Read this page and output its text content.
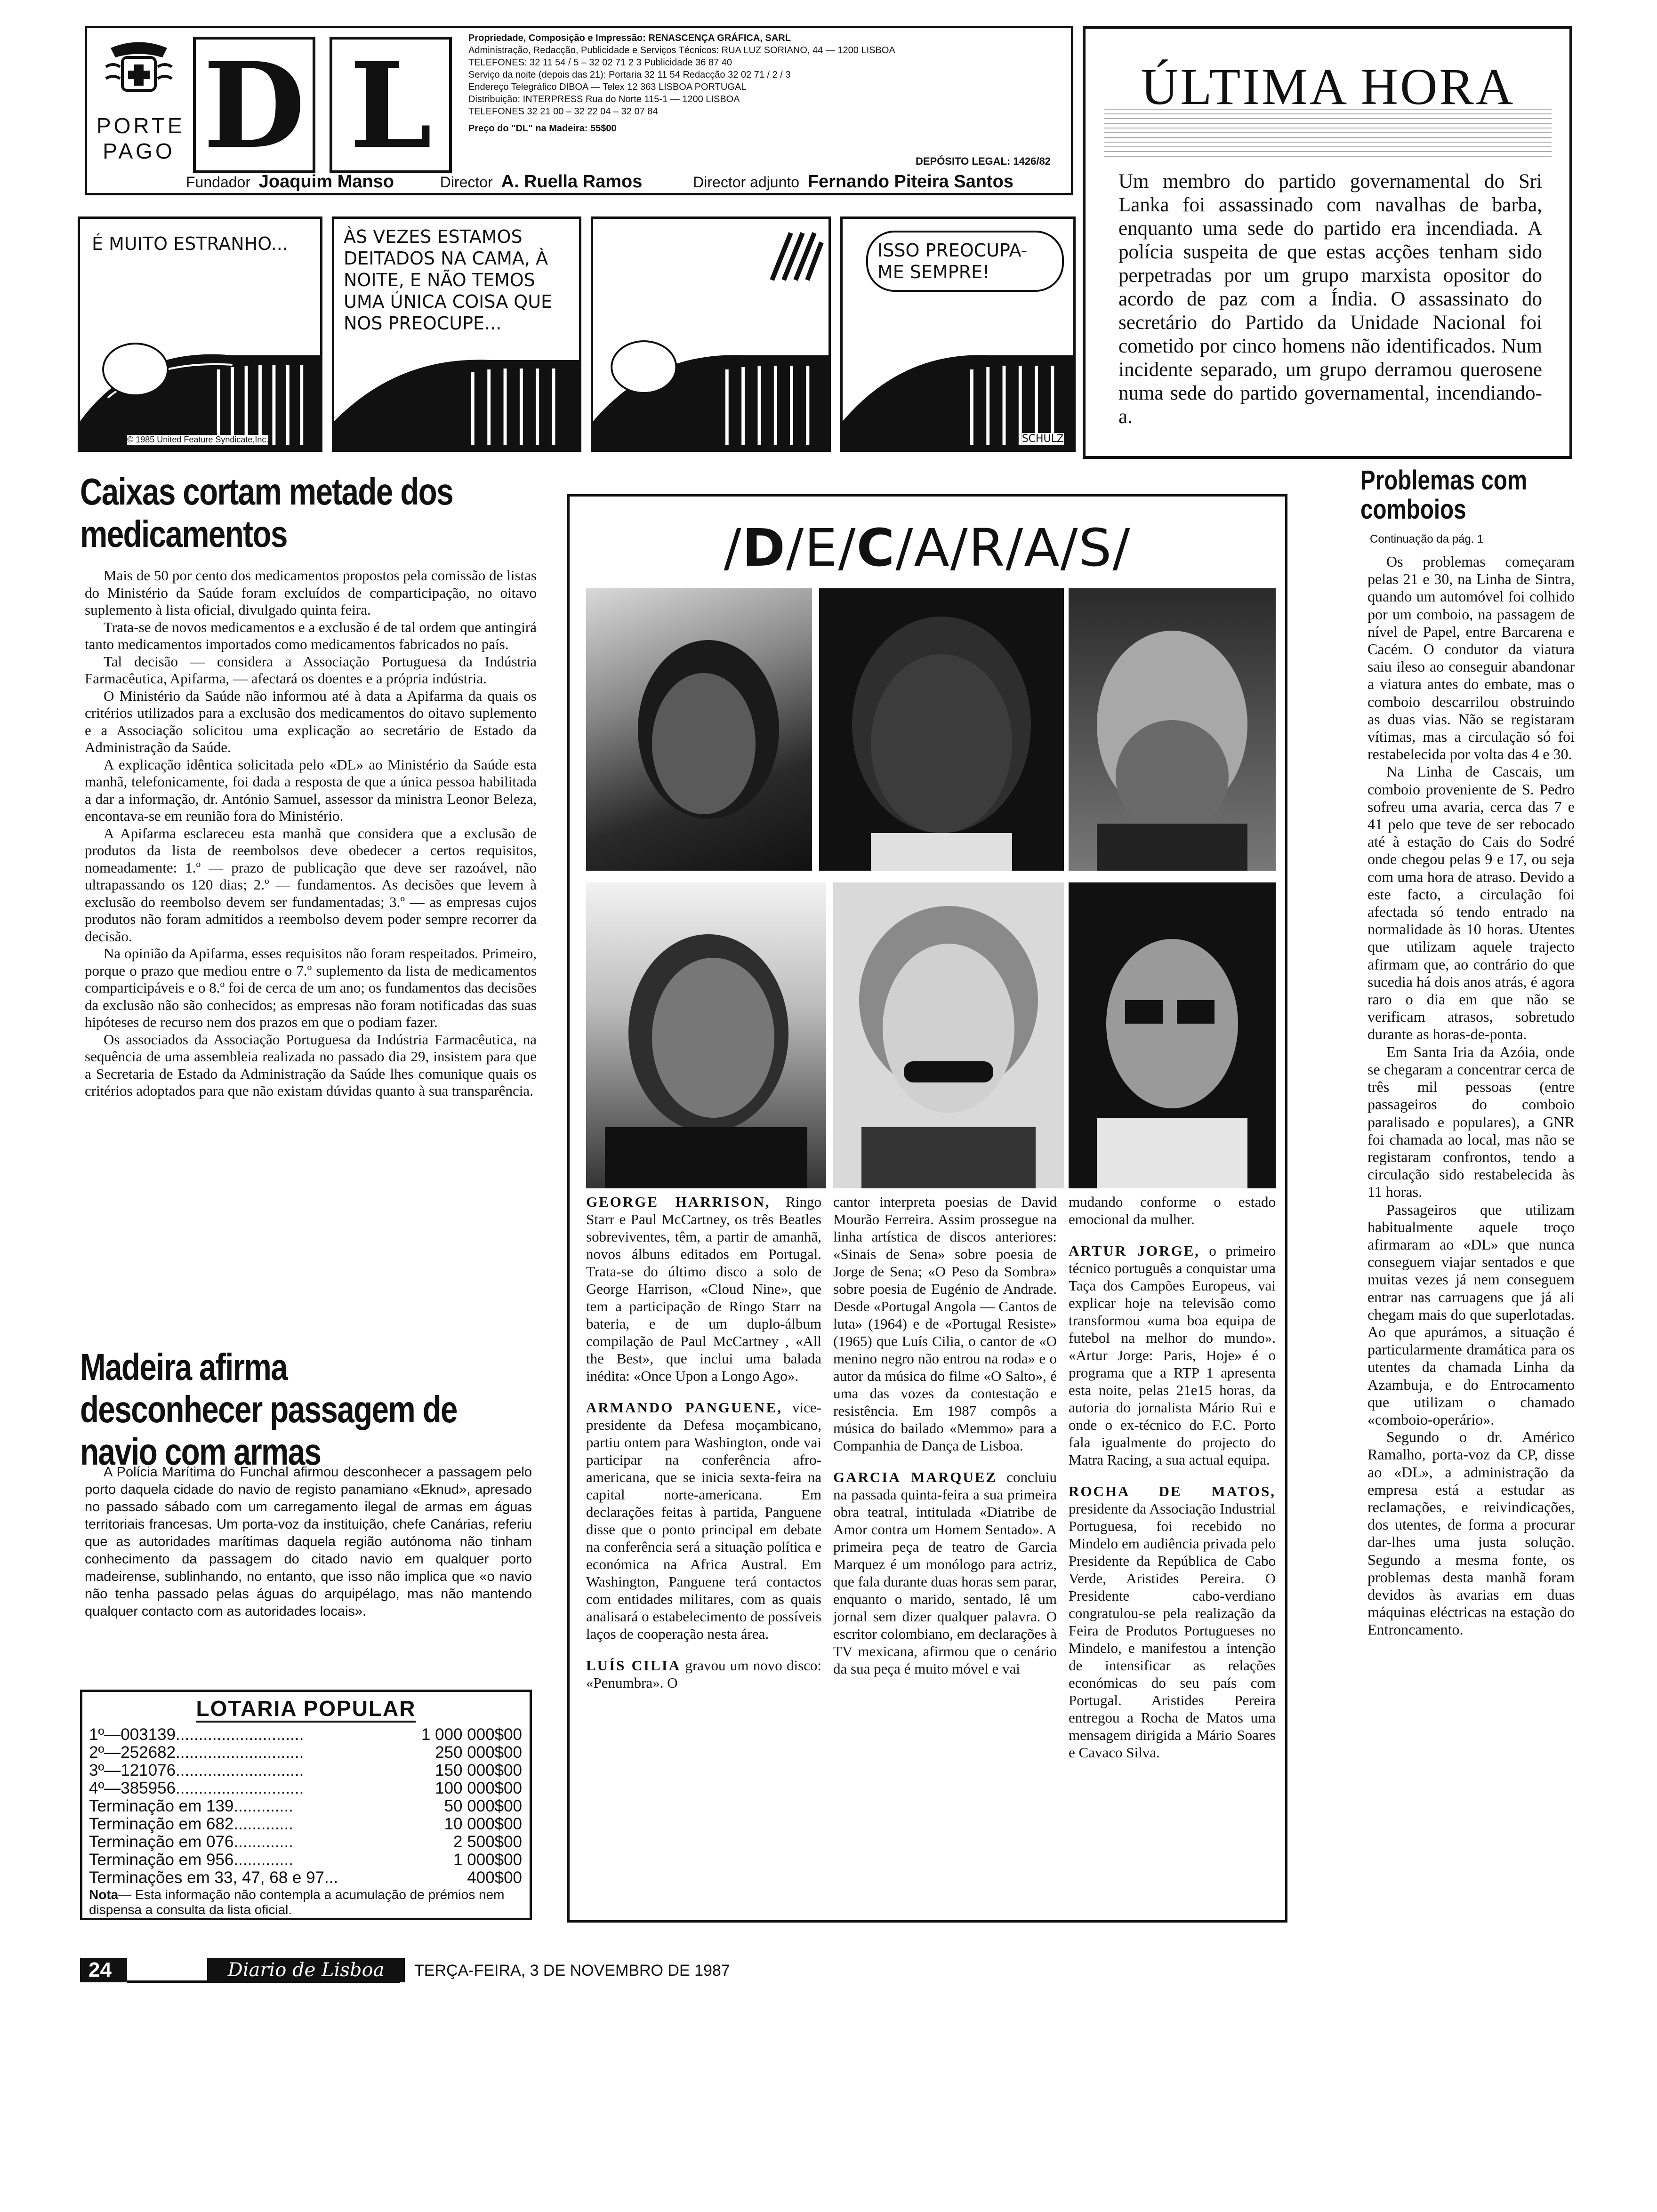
PORTE
PAGO D L	Propriedade, Composição e Impressão: RENASCENÇA GRÁFICA, SARL
Administração, Redacção, Publicidade e Serviços Técnicos: RUA LUZ SORIANO, 44 — 1200 LISBOA
TELEFONES: 32 11 54 / 5 – 32 02 71 2 3 Publicidade 36 87 40
Serviço da noite (depois das 21): Portaria 32 11 54 Redacção 32 02 71 / 2 / 3
Endereço Telegráfico DIBOA — Telex 12 363 LISBOA PORTUGAL
Distribuição: INTERPRESS Rua do Norte 115-1 — 1200 LISBOA
TELEFONES 32 21 00 – 32 22 04 – 32 07 84
Preço do "DL" na Madeira: 55$00
DEPÓSITO LEGAL: 1426/82
Fundador Joaquim Manso	Director A. Ruella Ramos	Director adjunto Fernando Piteira Santos
ÚLTIMA HORA

Um membro do partido governamental do Sri Lanka foi assassinado com navalhas de barba, enquanto uma sede do partido era incendiada. A polícia suspeita de que estas acções tenham sido perpetradas por um grupo marxista opositor do acordo de paz com a Índia. O assassinato do secretário do Partido da Unidade Nacional foi cometido por cinco homens não identificados. Num incidente separado, um grupo derramou querosene numa sede do partido governamental, incendiando-a.

É MUITO ESTRANHO...
7-6	© 1985 United Feature Syndicate,Inc.
ÀS VEZES ESTAMOS DEITADOS NA CAMA, À NOITE, E NÃO TEMOS UMA ÚNICA COISA QUE NOS PREOCUPE...
ISSO PREOCUPA-ME SEMPRE!
SCHULZ
Caixas cortam metade dos medicamentos

Mais de 50 por cento dos medicamentos propostos pela comissão de listas do Ministério da Saúde foram excluídos de comparticipação, no oitavo suplemento à lista oficial, divulgado quinta feira.

Trata-se de novos medicamentos e a exclusão é de tal ordem que antingirá tanto medicamentos importados como medicamentos fabricados no país.

Tal decisão — considera a Associação Portuguesa da Indústria Farmacêutica, Apifarma, — afectará os doentes e a própria indústria.

O Ministério da Saúde não informou até à data a Apifarma da quais os critérios utilizados para a exclusão dos medicamentos do oitavo suplemento e a Associação solicitou uma explicação ao secretário de Estado da Administração da Saúde.

A explicação idêntica solicitada pelo «DL» ao Ministério da Saúde esta manhã, telefonicamente, foi dada a resposta de que a única pessoa habilitada a dar a informação, dr. António Samuel, assessor da ministra Leonor Beleza, encontava-se em reunião fora do Ministério.

A Apifarma esclareceu esta manhã que considera que a exclusão de produtos da lista de reembolsos deve obedecer a certos requisitos, nomeadamente: 1.º — prazo de publicação que deve ser razoável, não ultrapassando os 120 dias; 2.º — fundamentos. As decisões que levem à exclusão do reembolso devem ser fundamentadas; 3.º — as empresas cujos produtos não foram admitidos a reembolso devem poder sempre recorrer da decisão.

Na opinião da Apifarma, esses requisitos não foram respeitados. Primeiro, porque o prazo que mediou entre o 7.º suplemento da lista de medicamentos comparticipáveis e o 8.º foi de cerca de um ano; os fundamentos das decisões da exclusão não são conhecidos; as empresas não foram notificadas das suas hipóteses de recurso nem dos prazos em que o podiam fazer.

Os associados da Associação Portuguesa da Indústria Farmacêutica, na sequência de uma assembleia realizada no passado dia 29, insistem para que a Secretaria de Estado da Administração da Saúde lhes comunique quais os critérios adoptados para que não existam dúvidas quanto à sua transparência.

Madeira afirma desconhecer passagem de navio com armas

A Polícia Marítima do Funchal afirmou desconhecer a passagem pelo porto daquela cidade do navio de registo panamiano «Eknud», apresado no passado sábado com um carregamento ilegal de armas em águas territoriais francesas. Um porta-voz da instituição, chefe Canárias, referiu que as autoridades marítimas daquela região autónoma não tinham conhecimento da passagem do citado navio em qualquer porto madeirense, sublinhando, no entanto, que isso não implica que «o navio não tenha passado pelas águas do arquipélago, mas não mantendo qualquer contacto com as autoridades locais».

LOTARIA POPULAR
1º—003139............................	1 000 000$00
2º—252682............................	250 000$00
3º—121076............................	150 000$00
4º—385956............................	100 000$00
Terminação em 139.............	50 000$00
Terminação em 682.............	10 000$00
Terminação em 076.............	2 500$00
Terminação em 956.............	1 000$00
Terminações em 33, 47, 68 e 97...	400$00
Nota— Esta informação não contempla a acumulação de prémios nem dispensa a consulta da lista oficial.
24	Diario de Lisboa	TERÇA-FEIRA, 3 DE NOVEMBRO DE 1987
/D/E/C/A/R/A/S/

GEORGE HARRISON, Ringo Starr e Paul McCartney, os três Beatles sobreviventes, têm, a partir de amanhã, novos álbuns editados em Portugal. Trata-se do último disco a solo de George Harrison, «Cloud Nine», que tem a participação de Ringo Starr na bateria, e de um duplo-álbum compilação de Paul McCartney , «All the Best», que inclui uma balada inédita: «Once Upon a Longo Ago».

ARMANDO PANGUENE, vice-presidente da Defesa moçambicano, partiu ontem para Washington, onde vai participar na conferência afro-americana, que se inicia sexta-feira na capital norte-americana. Em declarações feitas à partida, Panguene disse que o ponto principal em debate na conferência será a situação política e económica na Africa Austral. Em Washington, Panguene terá contactos com entidades militares, com as quais analisará o estabelecimento de possíveis laços de cooperação nesta área.

LUÍS CILIA gravou um novo disco: «Penumbra». O

cantor interpreta poesias de David Mourão Ferreira. Assim prossegue na linha artística de discos anteriores: «Sinais de Sena» sobre poesia de Jorge de Sena; «O Peso da Sombra» sobre poesia de Eugénio de Andrade. Desde «Portugal Angola — Cantos de luta» (1964) e de «Portugal Resiste» (1965) que Luís Cilia, o cantor de «O menino negro não entrou na roda» e o autor da música do filme «O Salto», é uma das vozes da contestação e resistência. Em 1987 compôs a música do bailado «Memmo» para a Companhia de Dança de Lisboa.

GARCIA MARQUEZ concluiu na passada quinta-feira a sua primeira obra teatral, intitulada «Diatribe de Amor contra um Homem Sentado». A primeira peça de teatro de Garcia Marquez é um monólogo para actriz, que fala durante duas horas sem parar, enquanto o marido, sentado, lê um jornal sem dizer qualquer palavra. O escritor colombiano, em declarações à TV mexicana, afirmou que o cenário da sua peça é muito móvel e vai

mudando conforme o estado emocional da mulher.

ARTUR JORGE, o primeiro técnico português a conquistar uma Taça dos Campões Europeus, vai explicar hoje na televisão como transformou «uma boa equipa de futebol na melhor do mundo». «Artur Jorge: Paris, Hoje» é o programa que a RTP 1 apresenta esta noite, pelas 21e15 horas, da autoria do jornalista Mário Rui e onde o ex-técnico do F.C. Porto fala igualmente do projecto do Matra Racing, a sua actual equipa.

ROCHA DE MATOS, presidente da Associação Industrial Portuguesa, foi recebido no Mindelo em audiência privada pelo Presidente da República de Cabo Verde, Aristides Pereira. O Presidente cabo-verdiano congratulou-se pela realização da Feira de Produtos Portugueses no Mindelo, e manifestou a intenção de intensificar as relações económicas do seu país com Portugal. Aristides Pereira entregou a Rocha de Matos uma mensagem dirigida a Mário Soares e Cavaco Silva.

Problemas com comboios
Continuação da pág. 1

Os problemas começaram pelas 21 e 30, na Linha de Sintra, quando um automóvel foi colhido por um comboio, na passagem de nível de Papel, entre Barcarena e Cacém. O condutor da viatura saiu ileso ao conseguir abandonar a viatura antes do embate, mas o comboio descarrilou obstruindo as duas vias. Não se registaram vítimas, mas a circulação só foi restabelecida por volta das 4 e 30.

Na Linha de Cascais, um comboio proveniente de S. Pedro sofreu uma avaria, cerca das 7 e 41 pelo que teve de ser rebocado até à estação do Cais do Sodré onde chegou pelas 9 e 17, ou seja com uma hora de atraso. Devido a este facto, a circulação foi afectada só tendo entrado na normalidade às 10 horas. Utentes que utilizam aquele trajecto afirmam que, ao contrário do que sucedia há dois anos atrás, é agora raro o dia em que não se verificam atrasos, sobretudo durante as horas-de-ponta.

Em Santa Iria da Azóia, onde se chegaram a concentrar cerca de três mil pessoas (entre passageiros do comboio paralisado e populares), a GNR foi chamada ao local, mas não se registaram confrontos, tendo a circulação sido restabelecida às 11 horas.

Passageiros que utilizam habitualmente aquele troço afirmaram ao «DL» que nunca conseguem viajar sentados e que muitas vezes já nem conseguem entrar nas carruagens que já ali chegam mais do que superlotadas. Ao que apurámos, a situação é particularmente dramática para os utentes da chamada Linha da Azambuja, e do Entrocamento que utilizam o chamado «comboio-operário».

Segundo o dr. Américo Ramalho, porta-voz da CP, disse ao «DL», a administração da empresa está a estudar as reclamações, e reivindicações, dos utentes, de forma a procurar dar-lhes uma justa solução. Segundo a mesma fonte, os problemas desta manhã foram devidos às avarias em duas máquinas eléctricas na estação do Entroncamento.
